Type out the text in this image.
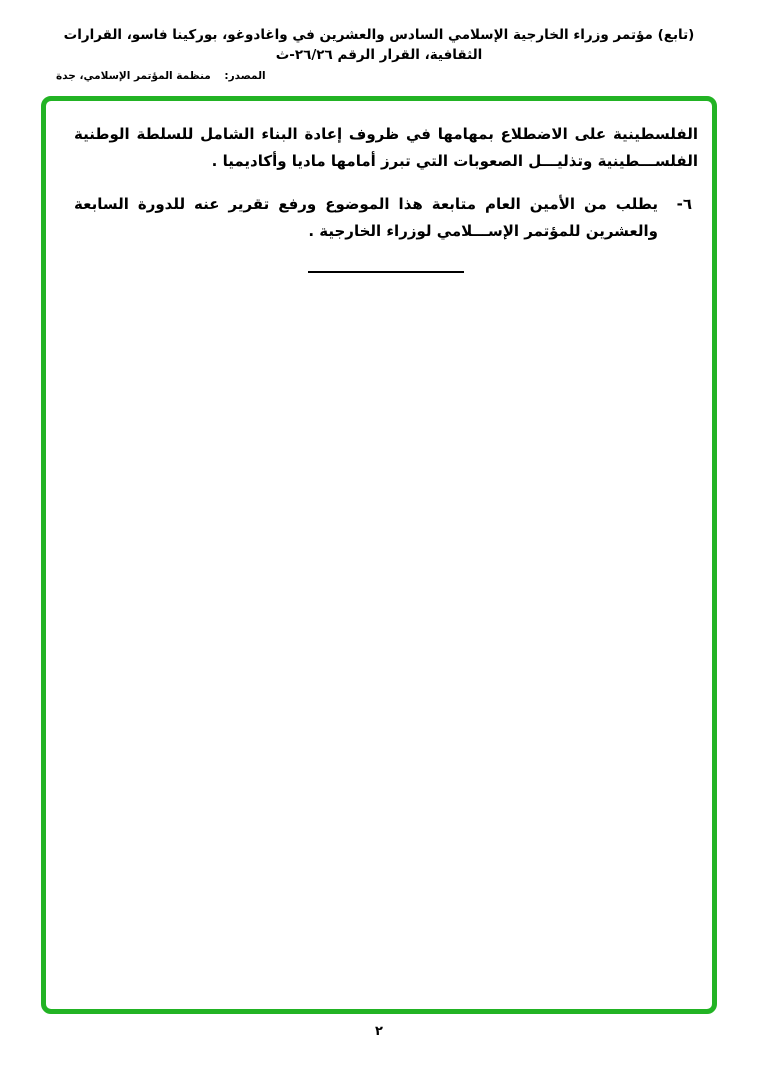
(تابع) مؤتمر وزراء الخارجية الإسلامي السادس والعشرين في واغادوغو، بوركينا فاسو، القرارات الثقافية، القرار الرقم ٢٦/٢٦-ث
المصدر: منظمة المؤتمر الإسلامي، جدة

الفلسطينية على الاضطلاع بمهامها في ظروف إعادة البناء الشامل للسلطة الوطنية الفلســـطينية وتذليـــل الصعوبات التي تبرز أمامها ماديا وأكاديميا .

٦-

يطلب من الأمين العام متابعة هذا الموضوع ورفع تقرير عنه للدورة السابعة والعشرين للمؤتمر الإســـلامي لوزراء الخارجية .

٢
